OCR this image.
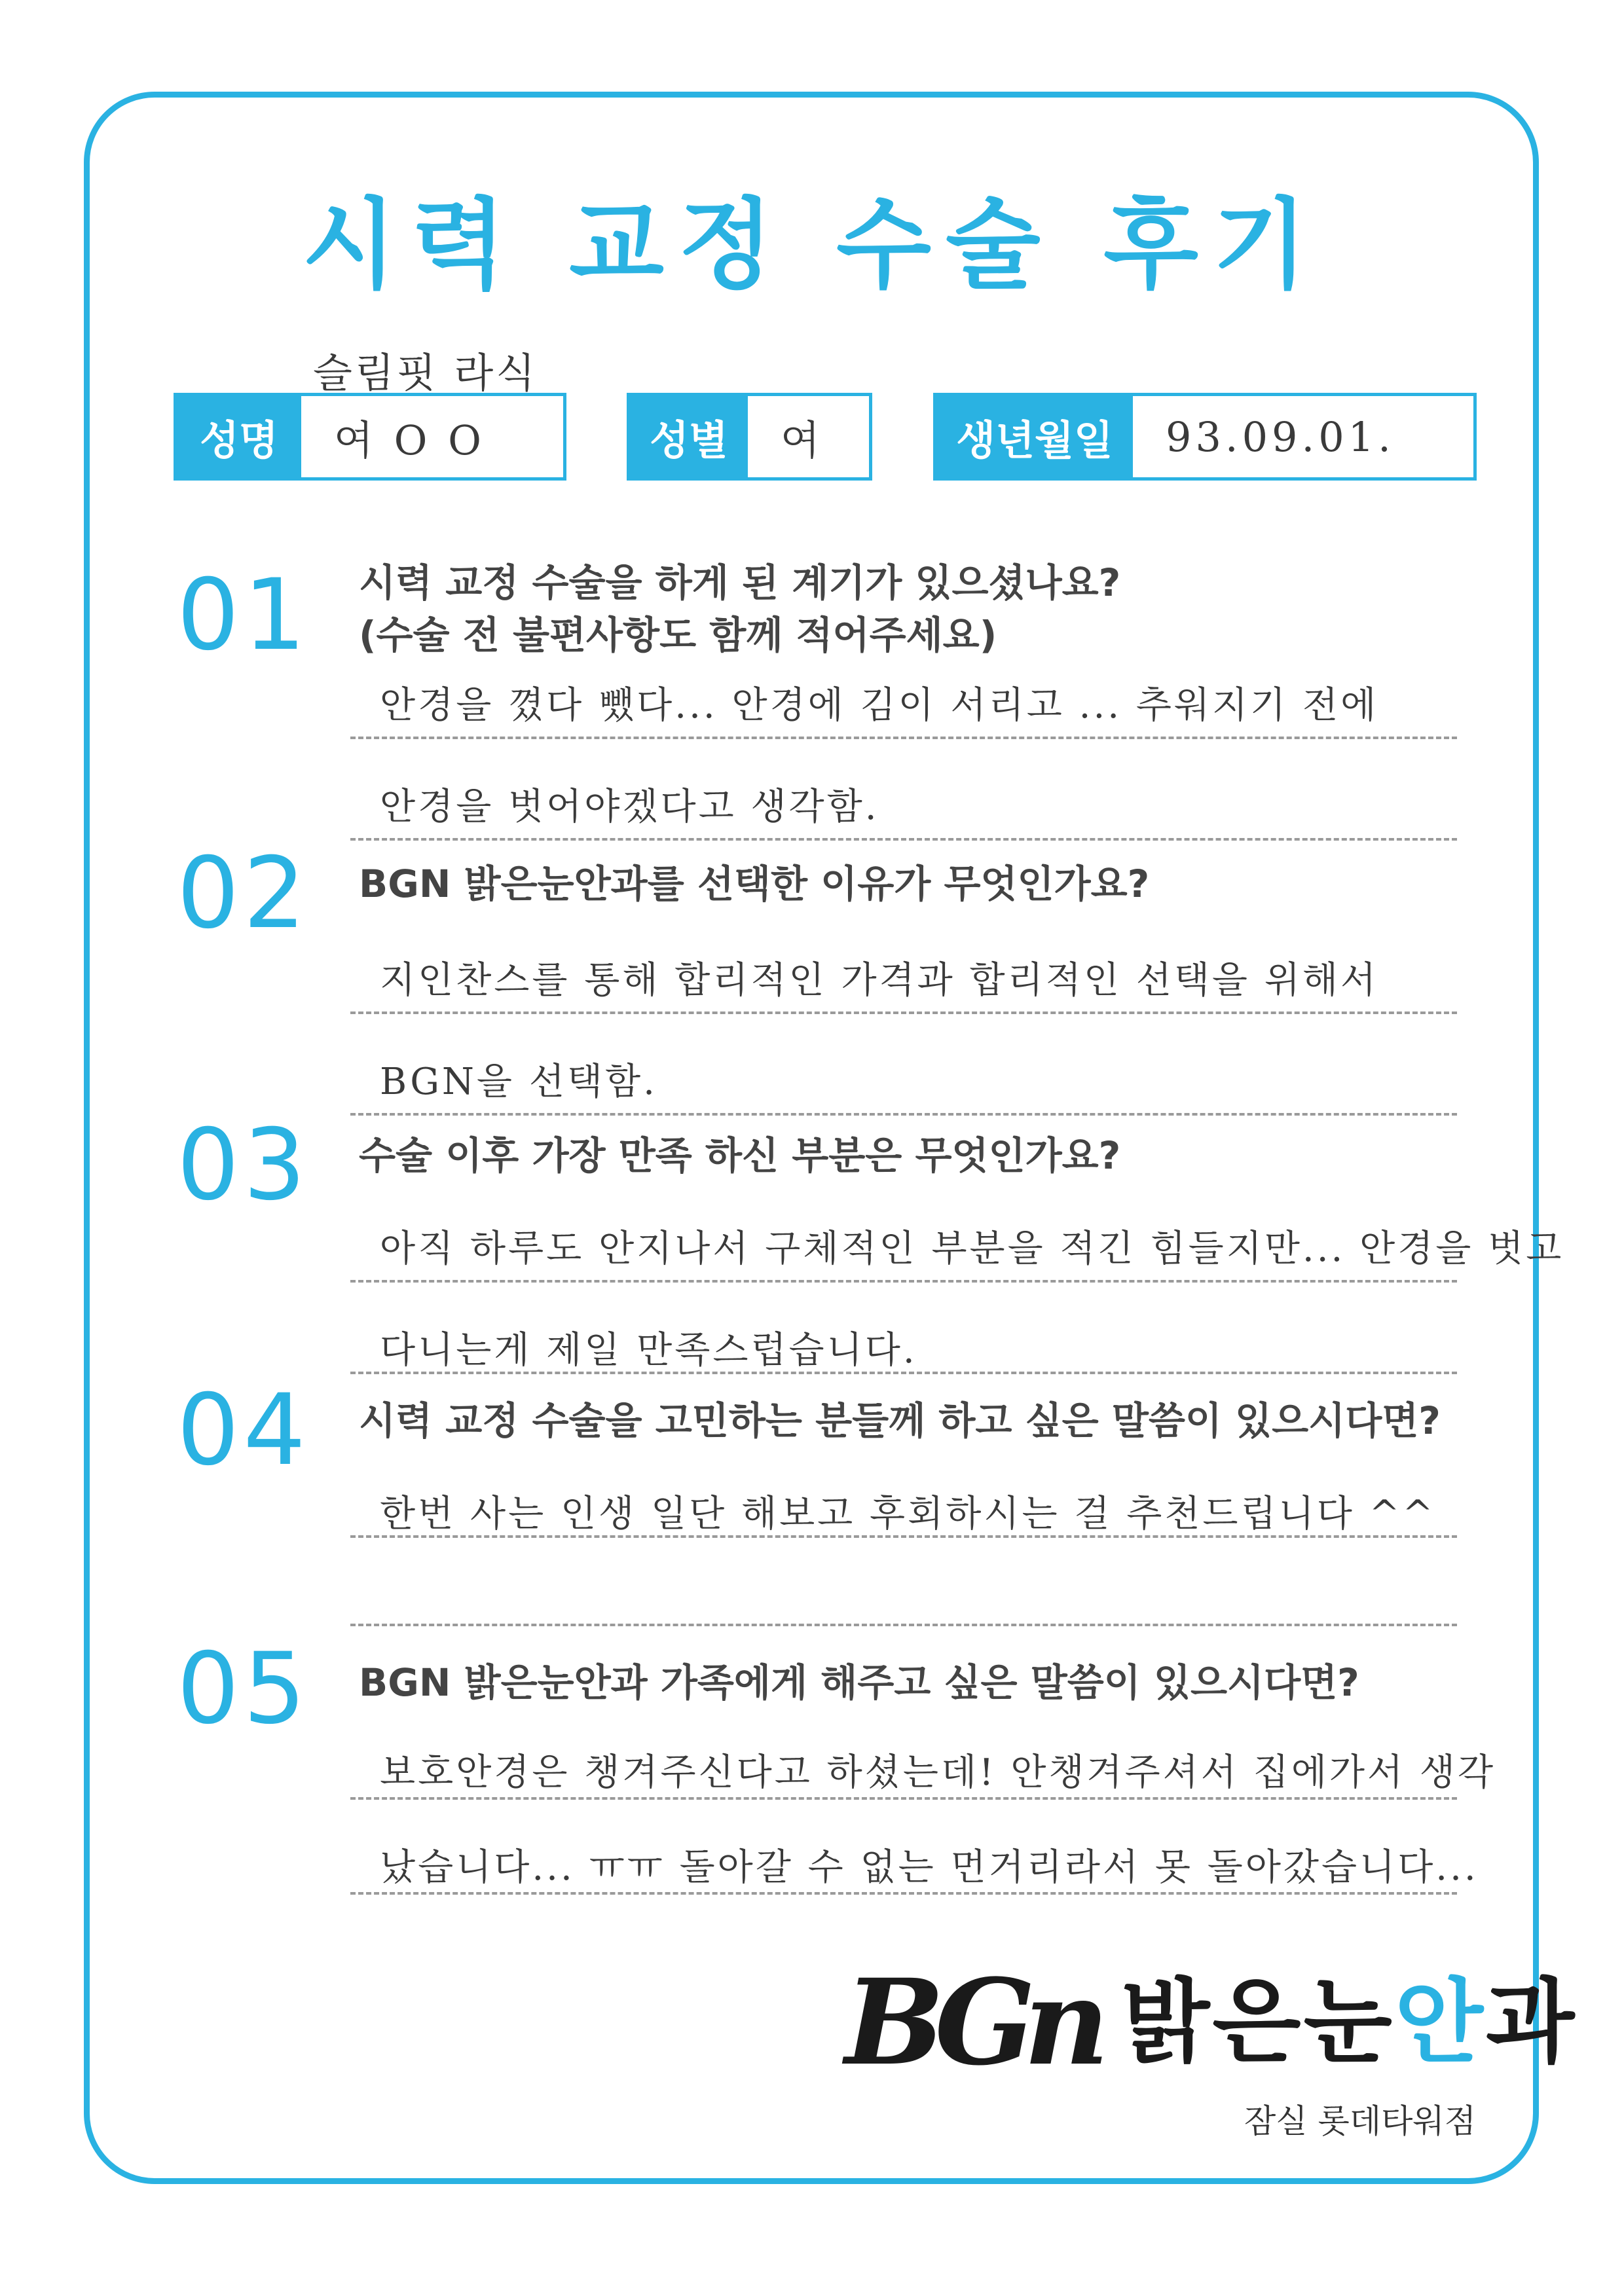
시력 교정 수술 후기
슬림핏 라식
성명	여 O O	성별	여	생년월일	93.09.01.
01 시력 교정 수술을 하게 된 계기가 있으셨나요?
(수술 전 불편사항도 함께 적어주세요)
안경을 꼈다 뺐다... 안경에 김이 서리고 ... 추워지기 전에
안경을 벗어야겠다고 생각함.
02 BGN 밝은눈안과를 선택한 이유가 무엇인가요?
지인찬스를 통해 합리적인 가격과 합리적인 선택을 위해서
BGN을 선택함.
03 수술 이후 가장 만족 하신 부분은 무엇인가요?
아직 하루도 안지나서 구체적인 부분을 적긴 힘들지만... 안경을 벗고
다니는게 제일 만족스럽습니다.
04 시력 교정 수술을 고민하는 분들께 하고 싶은 말씀이 있으시다면?
한번 사는 인생 일단 해보고 후회하시는 걸 추천드립니다 ^^
05 BGN 밝은눈안과 가족에게 해주고 싶은 말씀이 있으시다면?
보호안경은 챙겨주신다고 하셨는데! 안챙겨주셔서 집에가서 생각
났습니다... ㅠㅠ 돌아갈 수 없는 먼거리라서 못 돌아갔습니다...
BGn 밝은눈안과
잠실 롯데타워점
